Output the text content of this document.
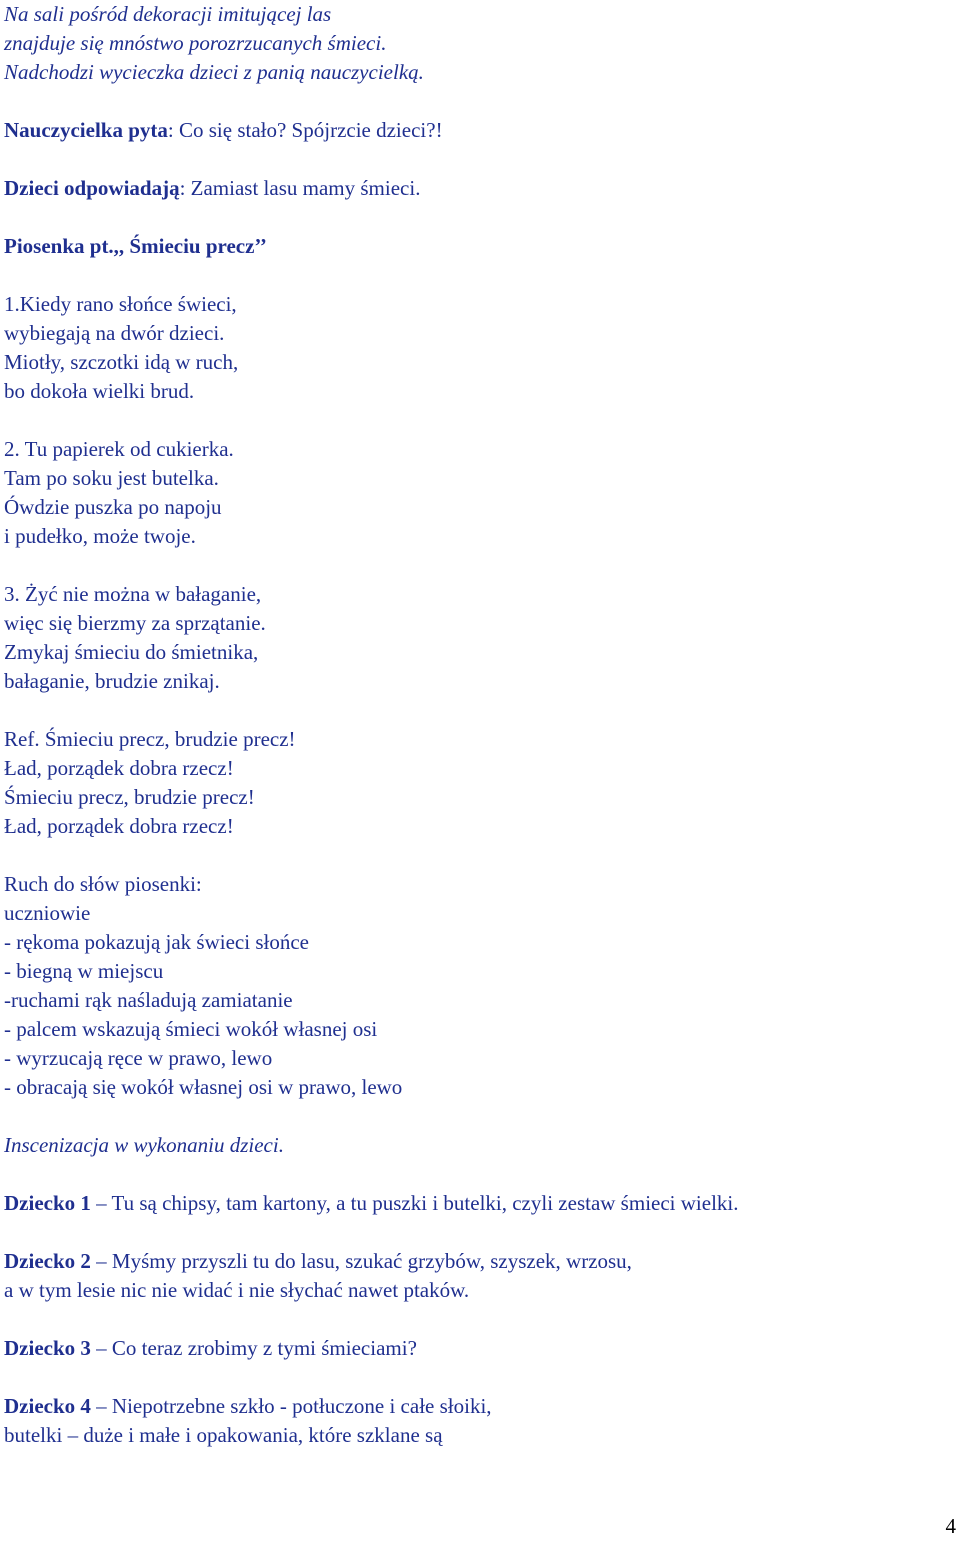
Na sali pośród dekoracji imitującej las
znajduje się mnóstwo porozrzucanych śmieci.
Nadchodzi wycieczka dzieci z panią nauczycielką.
Nauczycielka pyta: Co się stało? Spójrzcie dzieci?!
Dzieci odpowiadają: Zamiast lasu mamy śmieci.
Piosenka pt.,, Śmieciu precz’’
1.Kiedy rano słońce świeci,
wybiegają na dwór dzieci.
Miotły, szczotki idą w ruch,
bo dokoła wielki brud.
2. Tu papierek od cukierka.
Tam po soku jest butelka.
Ówdzie puszka po napoju
i pudełko, może twoje.
3. Żyć nie można w bałaganie,
więc się bierzmy za sprzątanie.
Zmykaj śmieciu do śmietnika,
bałaganie, brudzie znikaj.
Ref. Śmieciu precz, brudzie precz!
Ład, porządek dobra rzecz!
Śmieciu precz, brudzie precz!
Ład, porządek dobra rzecz!
Ruch do słów piosenki:
uczniowie
- rękoma pokazują jak świeci słońce
- biegną w miejscu
-ruchami rąk naśladują zamiatanie
- palcem wskazują śmieci wokół własnej osi
- wyrzucają ręce w prawo, lewo
- obracają się wokół własnej osi w prawo, lewo
Inscenizacja w wykonaniu dzieci.
Dziecko 1 – Tu są chipsy, tam kartony, a tu puszki i butelki, czyli zestaw śmieci wielki.
Dziecko 2 – Myśmy przyszli tu do lasu, szukać grzybów, szyszek, wrzosu,
a w tym lesie nic nie widać i nie słychać nawet ptaków.
Dziecko 3 – Co teraz zrobimy z tymi śmieciami?
Dziecko 4 – Niepotrzebne szkło - potłuczone i całe słoiki,
butelki – duże i małe i opakowania, które szklane są
4
